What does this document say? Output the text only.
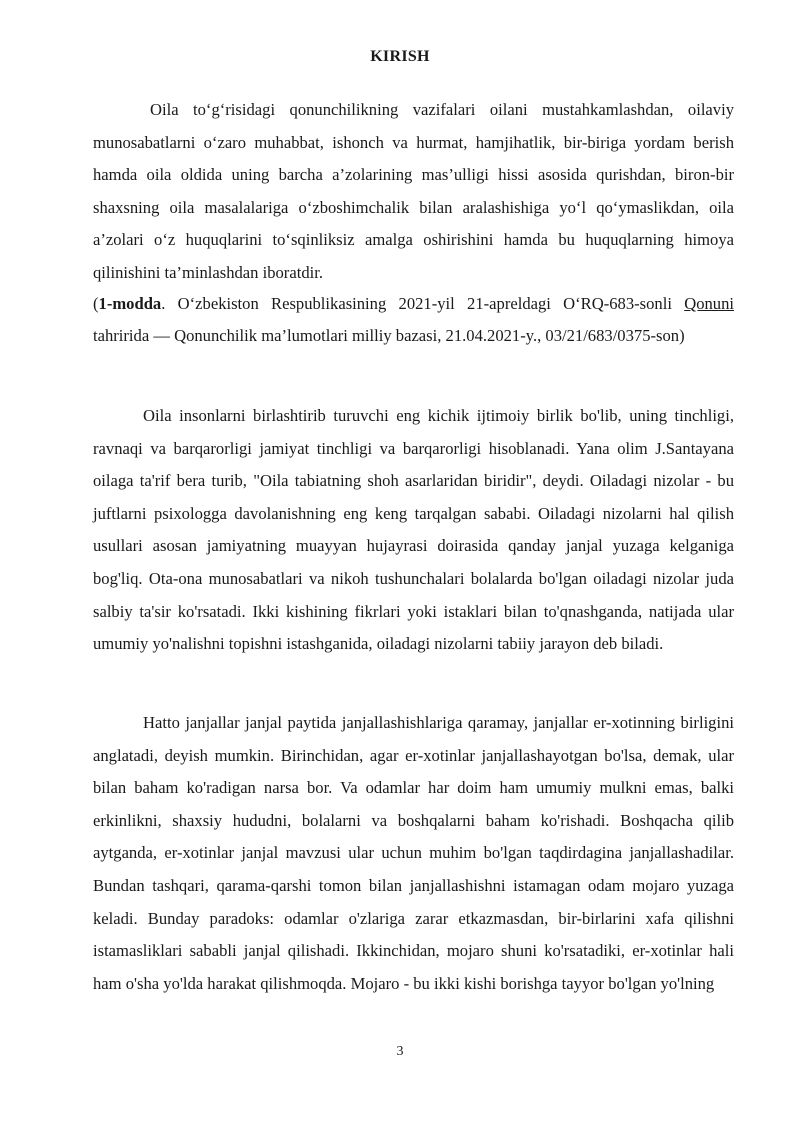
KIRISH
Oila to‘g‘risidagi qonunchilikning vazifalari oilani mustahkamlashdan, oilaviy munosabatlarni o‘zaro muhabbat, ishonch va hurmat, hamjihatlik, bir-biriga yordam berish hamda oila oldida uning barcha a’zolarining mas’ulligi hissi asosida qurishdan, biron-bir shaxsning oila masalalariga o‘zboshimchalik bilan aralashishiga yo‘l qo‘ymaslikdan, oila a’zolari o‘z huquqlarini to‘sqinliksiz amalga oshirishini hamda bu huquqlarning himoya qilinishini ta’minlashdan iboratdir.
(1-modda. O‘zbekiston Respublikasining 2021-yil 21-apreldagi O‘RQ-683-sonli Qonuni tahririda — Qonunchilik ma’lumotlari milliy bazasi, 21.04.2021-y., 03/21/683/0375-son)
Oila insonlarni birlashtirib turuvchi eng kichik ijtimoiy birlik bo'lib, uning tinchligi, ravnaqi va barqarorligi jamiyat tinchligi va barqarorligi hisoblanadi. Yana olim J.Santayana oilaga ta'rif bera turib, "Oila tabiatning shoh asarlaridan biridir", deydi. Oiladagi nizolar - bu juftlarni psixologga davolanishning eng keng tarqalgan sababi. Oiladagi nizolarni hal qilish usullari asosan jamiyatning muayyan hujayrasi doirasida qanday janjal yuzaga kelganiga bog'liq. Ota-ona munosabatlari va nikoh tushunchalari bolalarda bo'lgan oiladagi nizolar juda salbiy ta'sir ko'rsatadi. Ikki kishining fikrlari yoki istaklari bilan to'qnashganda, natijada ular umumiy yo'nalishni topishni istashganida, oiladagi nizolarni tabiiy jarayon deb biladi.
Hatto janjallar janjal paytida janjallashishlariga qaramay, janjallar er-xotinning birligini anglatadi, deyish mumkin. Birinchidan, agar er-xotinlar janjallashayotgan bo'lsa, demak, ular bilan baham ko'radigan narsa bor. Va odamlar har doim ham umumiy mulkni emas, balki erkinlikni, shaxsiy hududni, bolalarni va boshqalarni baham ko'rishadi. Boshqacha qilib aytganda, er-xotinlar janjal mavzusi ular uchun muhim bo'lgan taqdirdagina janjallashadilar. Bundan tashqari, qarama-qarshi tomon bilan janjallashishni istamagan odam mojaro yuzaga keladi. Bunday paradoks: odamlar o'zlariga zarar etkazmasdan, bir-birlarini xafa qilishni istamasliklari sababli janjal qilishadi. Ikkinchidan, mojaro shuni ko'rsatadiki, er-xotinlar hali ham o'sha yo'lda harakat qilishmoqda. Mojaro - bu ikki kishi borishga tayyor bo'lgan yo'lning
3
